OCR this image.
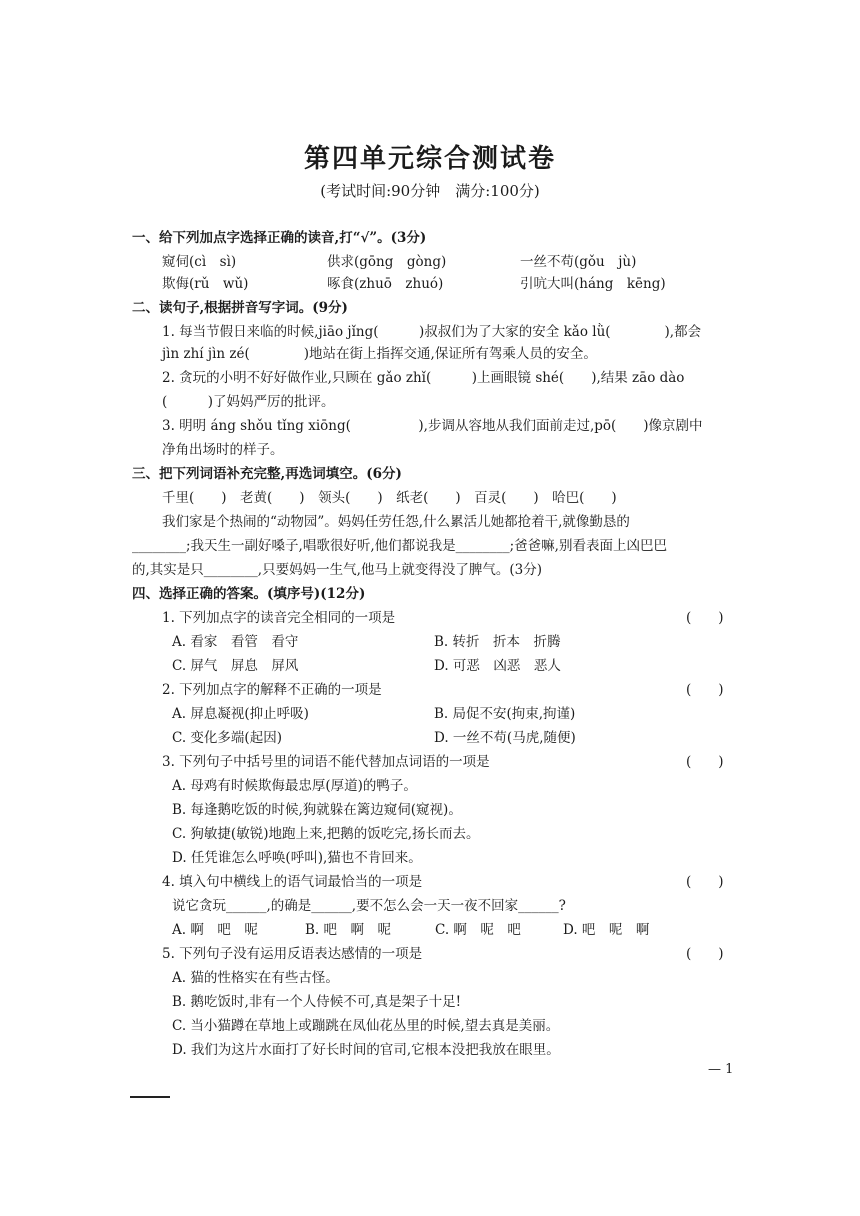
第四单元综合测试卷
(考试时间:90分钟　满分:100分)
一、给下列加点字选择正确的读音,打“√”。(3分)
窥伺(cì　sì)	供求(gōng　gòng)	一丝不苟(gǒu　jù)
欺侮(rǔ　wǔ)	啄食(zhuō　zhuó)	引吭大叫(háng　kēng)
二、读句子,根据拼音写字词。(9分)
1. 每当节假日来临的时候,jiāo jǐng(　　　)叔叔们为了大家的安全 kǎo lǜ(　　　　),都会
jìn zhí jìn zé(　　　　)地站在街上指挥交通,保证所有驾乘人员的安全。
2. 贪玩的小明不好好做作业,只顾在 gǎo zhǐ(　　　)上画眼镜 shé(　　),结果 zāo dào
(　　　)了妈妈严厉的批评。
3. 明明 áng shǒu tǐng xiōng(　　　　　),步调从容地从我们面前走过,pō(　　)像京剧中
净角出场时的样子。
三、把下列词语补充完整,再选词填空。(6分)
千里(　　)　老黄(　　)　领头(　　)　纸老(　　)　百灵(　　)　哈巴(　　)
我们家是个热闹的“动物园”。妈妈任劳任怨,什么累活儿她都抢着干,就像勤恳的
________;我天生一副好嗓子,唱歌很好听,他们都说我是________;爸爸嘛,别看表面上凶巴巴
的,其实是只________,只要妈妈一生气,他马上就变得没了脾气。(3分)
四、选择正确的答案。(填序号)(12分)
1. 下列加点字的读音完全相同的一项是	(　　)
A. 看家　看管　看守	B. 转折　折本　折腾
C. 屏气　屏息　屏风	D. 可恶　凶恶　恶人
2. 下列加点字的解释不正确的一项是	(　　)
A. 屏息凝视(抑止呼吸)	B. 局促不安(拘束,拘谨)
C. 变化多端(起因)	D. 一丝不苟(马虎,随便)
3. 下列句子中括号里的词语不能代替加点词语的一项是	(　　)
A. 母鸡有时候欺侮最忠厚(厚道)的鸭子。
B. 每逢鹅吃饭的时候,狗就躲在篱边窥伺(窥视)。
C. 狗敏捷(敏锐)地跑上来,把鹅的饭吃完,扬长而去。
D. 任凭谁怎么呼唤(呼叫),猫也不肯回来。
4. 填入句中横线上的语气词最恰当的一项是	(　　)
说它贪玩______,的确是______,要不怎么会一天一夜不回家______?
A. 啊　吧　呢	B. 吧　啊　呢	C. 啊　呢　吧	D. 吧　呢　啊
5. 下列句子没有运用反语表达感情的一项是	(　　)
A. 猫的性格实在有些古怪。
B. 鹅吃饭时,非有一个人侍候不可,真是架子十足!
C. 当小猫蹲在草地上或蹦跳在凤仙花丛里的时候,望去真是美丽。
D. 我们为这片水面打了好长时间的官司,它根本没把我放在眼里。
— 1
